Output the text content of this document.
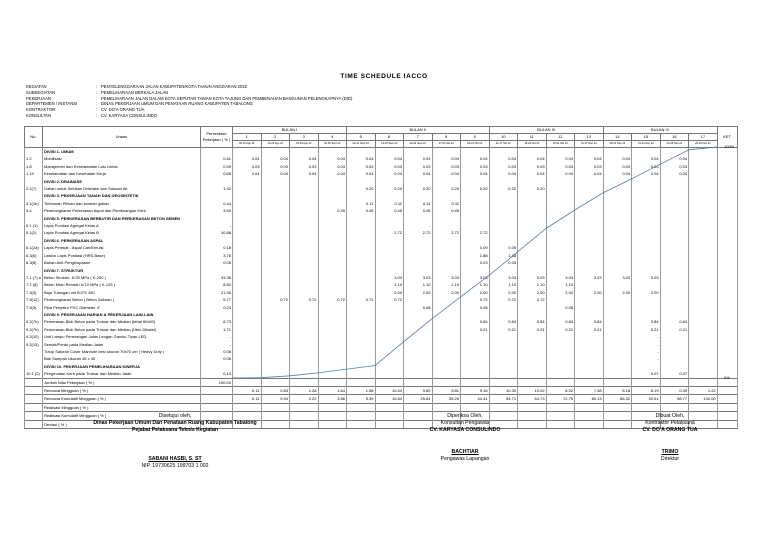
TIME SCHEDULE IACCO
KEGIATAN	: PENYELENGGARAAN JALAN KABUPATEN/KOTA TAHUN ANGGARAN 2022
SUBKEGIATAN	: PEMELIHARAAN BERKALA JALAN
PEKERJAAN	: PEMELIHARAAN JALAN DALAM KOTA SEPUTAR TAMAN KOTA TAJUNG DAN PEMBENAHAN BANGUNAN PELENGKAPNYA (DID)
DEPARTEMEN / INSTANSI	: DINAS PEKERJAAN UMUM DAN PENATAAN RUANG KABUPATEN TABALONG
KONTRAKTOR	: CV. DO'A ORANG TUA
KONSULTAN	: CV. KARYASA CONSULINDO
No.	Uraian	Persentase Pekerjaan ( % )	BULAN I				BULAN II					BULAN III				BULAN IV				KET
			1	2	3	4	5	6	7	8	9	10	11	12	13	14	15	16	17	
			06-15 Agu 22	16-22 Agu 22	23-29 Agu 22	30-05 Sept 22	06-12 Sept 22	13-19 Sept 22	20-26 Sept 22	27-03 Okt 22	04-10 Okt 22	11-17 Okt 22	18-24 Okt 22	25-31 Okt 22	01-07 Nop 22	08-14 Nop 22	15-21 Nop 22	22-28 Nop 22	29-30 Des 22	
	DIVISI 1. UMUM																			
1.2	Mobilisasi	0.61	0.04	0.04	0.04	0.04	0.04	0.04	0.04	0.04	0.04	0.04	0.04	0.04	0.04	0.04	0.04	0.04		
1.8	Manajemen dan Keselamatan Lalu Lintas	0.59	0.03	0.03	0.03	0.03	0.03	0.03	0.03	0.03	0.03	0.03	0.03	0.03	0.03	0.03	0.03	0.03		
1.19	Keselamatan dan Kesehatan Kerja	0.68	0.04	0.04	0.04	0.04	0.04	0.04	0.04	0.04	0.04	0.04	0.04	0.04	0.04	0.04	0.04	0.04		
	DIVISI 2. DRAINASE																			
2.1(7)	Galian untuk Selokan Drainase dan Saluran Air	1.42					0.20	0.20	0.20	0.20	0.20	0.20	0.20							
	DIVISI 3. PEKERJAAN TANAH DAN GEOSINTETIK																			
3.1(1b)	Timbunan Pilihan dari sumber galian	0.44					0.11	0.11	0.11	0.11										
3.4	Pembongkaran Perkerasan Aspal dan Pembuangan Kerb	3.59				0.45	0.45	0.45	0.45	0.45										
	DIVISI 5. PERKERASAN BERBUTIR DAN PERKERASAN BETON SEMEN																			
5.1 (1)	Lapis Pondasi Agregat Kelas A	-							-											
5.1(2)	Lapis Pondasi Agregat Kelas B	10.88						2.72	2.72	2.72	2.72									
	DIVISI 6. PERKERASAN ASPAL																			
6.1(2a)	Lapis Perekat - Aspal Cair/Emulsi	0.18									0.09	0.09								
6.3(6)	Laston Lapis Pondasi (HRS-Base)	3.76									1.88	1.88								
6.3(8)	Bahan Anti Pengelupasan	0.06									0.03	0.03								
	DIVISI 7. STRUKTUR																			
7.1 (7) a	Beton Struktur, fc'20 MPa ( K-250 )	33.36						3.03	3.03	3.03	3.03	3.03	3.03	3.03	3.03	3.03	3.03			
7.1 (8)	Beton Mutu Rendah fc'10 MPa ( K-125 )	8.82						1.10	1.10	1.10	1.10	1.10	1.10	1.10						
7.3(3)	Baja Tulangan ulir BJTS 280	21.96						2.00	2.00	2.00	2.00	2.00	2.00	2.00	2.00	2.00	2.00			
7.9(12)	Pembongkaran Beton ( Beton Saluran )	5.77		0.72	0.72	0.72	0.72	0.72			0.72	0.72	0.72							
7.9(3)	Pipa Penyalur PVC Diameter 4"	0.24							0.08		0.08			0.08						
	DIVISI 9. PEKERJAAN HARIAN & PEKERJAAN LAIN-LAIN																			
9.2(7b)	Perkerasan Blok Beton pada Trotoar dan Median (tebal 60x60)	6.73									0.84	0.84	0.84	0.84	0.84		0.84	0.84		
9.2(7b)	Perkerasan Blok Beton pada Trotoar dan Median (Ubin Difabel)	1.71									0.21	0.21	0.21	0.21	0.21		0.21	0.21		
9.2(10)	Unit Lampu Penerangan Jalan Lengan Ganda, Tiyan LED	-															-			
9.2(15)	Semak/Perdu pada Median Jalan	-															-			
	Tutup Saluran Cover Manhole besi ukuran 70x70 cm ( Heavy Duty )	0.08															-			
	Bak Sampah Ukuran 45 x 45	0.06															-			
	DIVISI 10. PEKERJAAN PEMELIHARAAN KINERJA																			
10.1 (2)	Pengecatan Kerb pada Trotoar dan Median Jalan	0.14															0.07	0.07		
	Jumlah Nilai Pekerjaan ( % )	100.00																		
	Rencana Mingguan ( % )		0.11	0.83	1.28	1.64	1.58	10.44	9.80	9.81	9.16	10.30	10.02	8.02	7.38	6.18	6.19	0.39	1.22	
	Rencana Kumulatif Mingguan ( % )		0.11	0.94	2.22	3.86	5.39	15.84	25.64	35.25	44.41	54.71	64.73	72.75	80.13	86.32	92.51	98.77	100.00	
	Realisasi Mingguan ( % )																			
	Realisasi Kumulatif Mingguan ( % )																			
	Deviasi ( % )																			
100%
0%
Disetujui oleh,
Dinas Pekerjaan Umum Dan Penataan Ruang Kabupaten Tabalong
Pejabat Pelaksana Teknis Kegiatan
SABANI HASBI, S. ST
NIP. 19730625 199703 1 002
Diperiksa Oleh,
Konsultan Pengawas
CV. KARYASA CONSULINDO
BACHTIAR
Pengawas Lapangan
Dibuat Oleh,
Kontraktor Pelaksana
CV. DO'A ORANG TUA
TRIMO
Direktur
